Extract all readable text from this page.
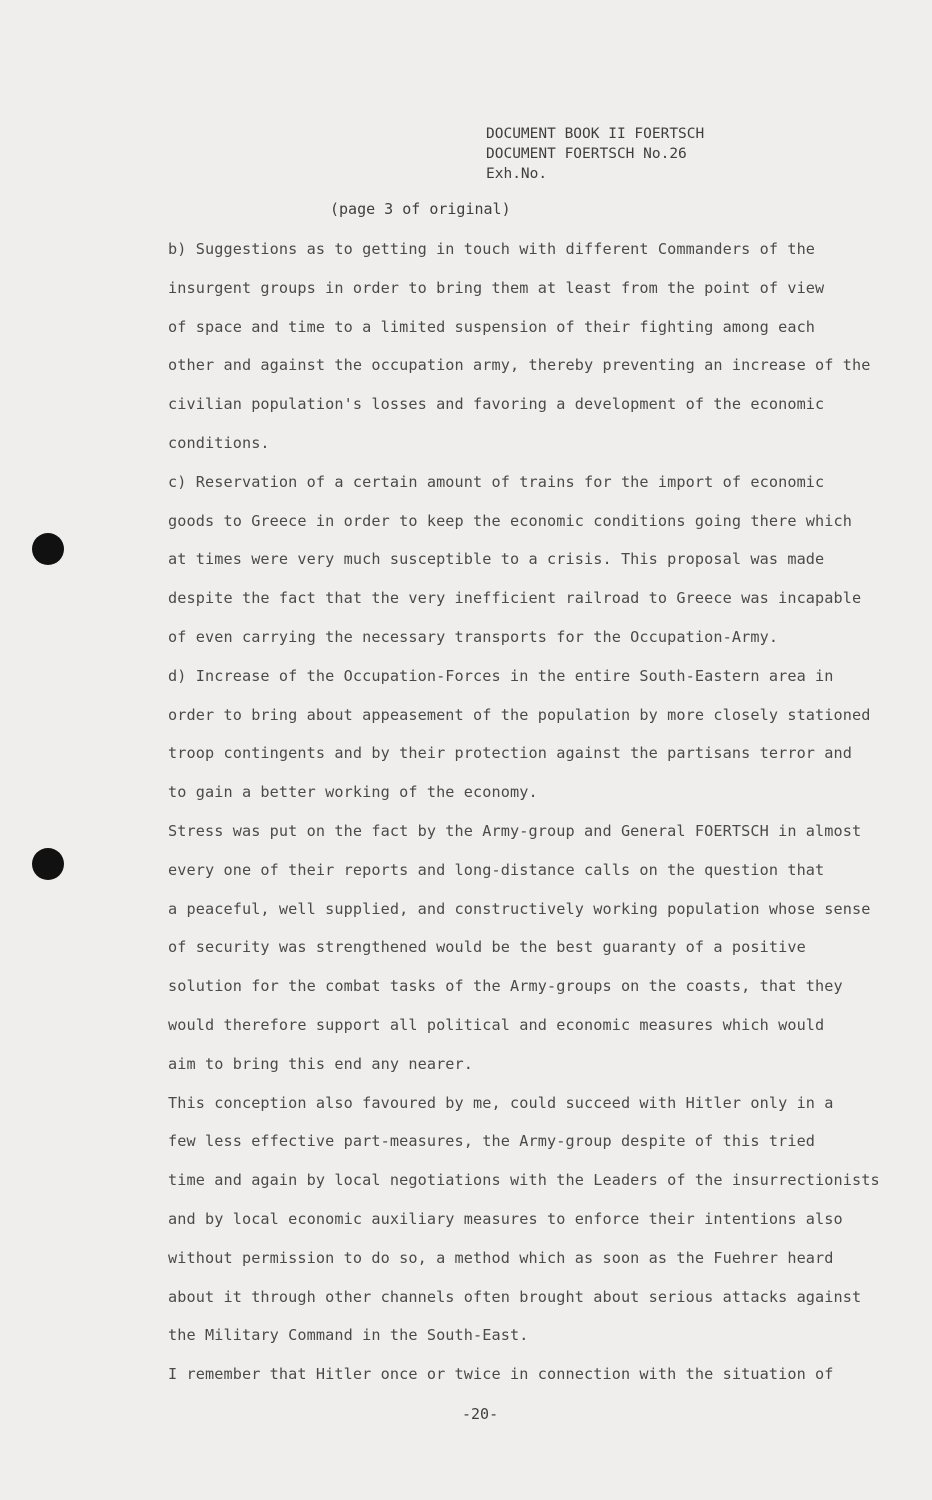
DOCUMENT BOOK II FOERTSCH
DOCUMENT FOERTSCH No.26
Exh.No.
(page 3 of original)
b) Suggestions as to getting in touch with different Commanders of the
insurgent groups in order to bring them at least from the point of view
of space and time to a limited suspension of their fighting among each
other and against the occupation army, thereby preventing an increase of the
civilian population's losses and favoring a development of the economic
conditions.
c) Reservation of a certain amount of trains for the import of economic
goods to Greece in order to keep the economic conditions going there which
at times were very much susceptible to a crisis. This proposal was made
despite the fact that the very inefficient railroad to Greece was incapable
of even carrying the necessary transports for the Occupation-Army.
d) Increase of the Occupation-Forces in the entire South-Eastern area in
order to bring about appeasement of the population by more closely stationed
troop contingents and by their protection against the partisans terror and
to gain a better working of the economy.
Stress was put on the fact by the Army-group and General FOERTSCH in almost
every one of their reports and long-distance calls on the question that
a peaceful, well supplied, and constructively working population whose sense
of security was strengthened would be the best guaranty of a positive
solution for the combat tasks of the Army-groups on the coasts, that they
would therefore support all political and economic measures which would
aim to bring this end any nearer.
This conception also favoured by me, could succeed with Hitler only in a
few less effective part-measures, the Army-group despite of this tried
time and again by local negotiations with the Leaders of the insurrectionists
and by local economic auxiliary measures to enforce their intentions also
without permission to do so, a method which as soon as the Fuehrer heard
about it through other channels often brought about serious attacks against
the Military Command in the South-East.
I remember that Hitler once or twice in connection with the situation of
-20-
